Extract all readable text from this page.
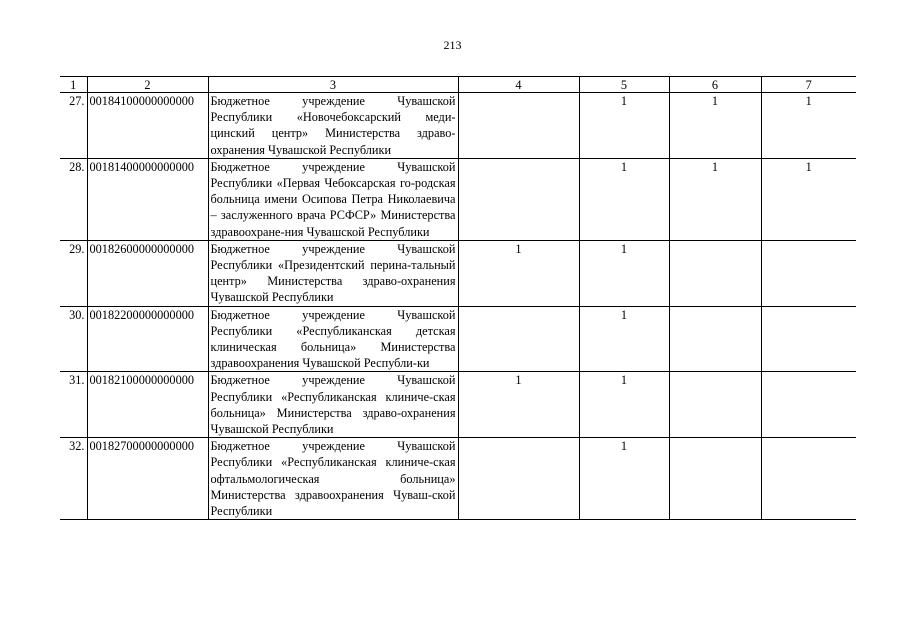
213
1	2	3	4	5	6	7
27.	00184100000000000	Бюджетное учреждение Чувашской Республики «Новочебоксарский меди-цинский центр» Министерства здраво-охранения Чувашской Республики		1	1	1
28.	00181400000000000	Бюджетное учреждение Чувашской Республики «Первая Чебоксарская го-родская больница имени Осипова Петра Николаевича – заслуженного врача РСФСР» Министерства здравоохране-ния Чувашской Республики		1	1	1
29.	00182600000000000	Бюджетное учреждение Чувашской Республики «Президентский перина-тальный центр» Министерства здраво-охранения Чувашской Республики	1	1		
30.	00182200000000000	Бюджетное учреждение Чувашской Республики «Республиканская детская клиническая больница» Министерства здравоохранения Чувашской Республи-ки		1		
31.	00182100000000000	Бюджетное учреждение Чувашской Республики «Республиканская клиниче-ская больница» Министерства здраво-охранения Чувашской Республики	1	1		
32.	00182700000000000	Бюджетное учреждение Чувашской Республики «Республиканская клиниче-ская офтальмологическая больница» Министерства здравоохранения Чуваш-ской Республики		1		
